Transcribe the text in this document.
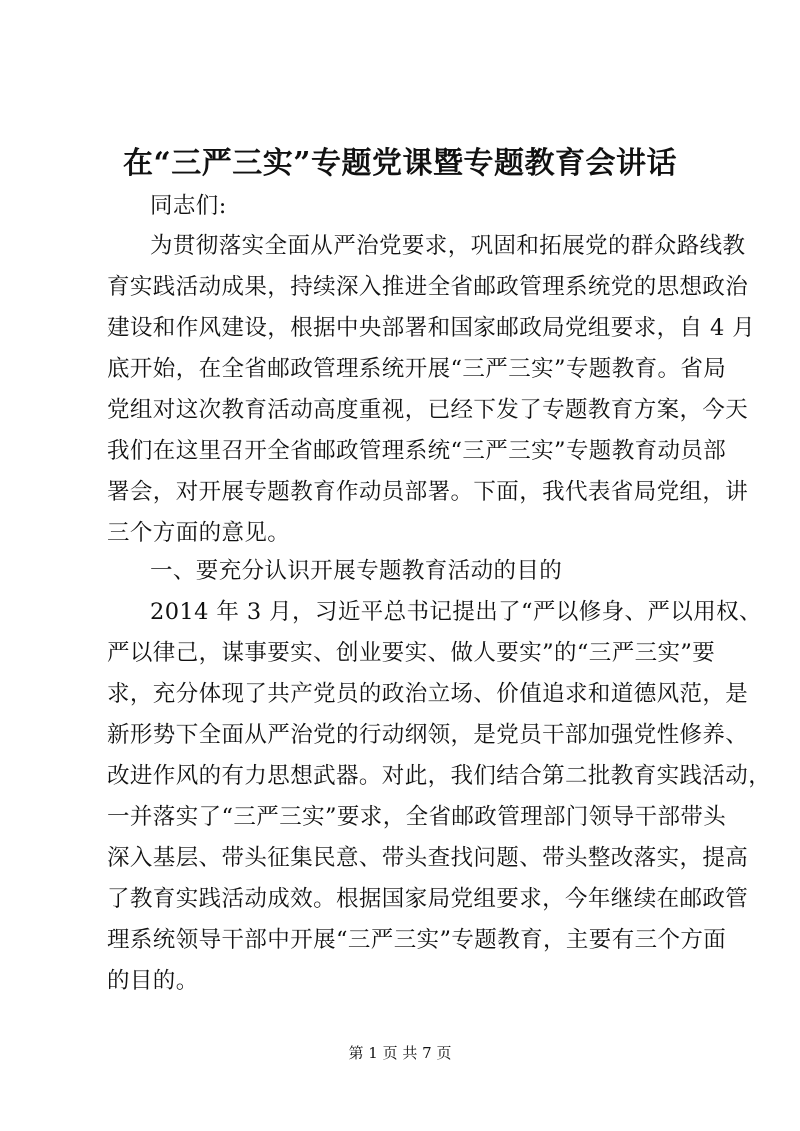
在“三严三实”专题党课暨专题教育会讲话
同志们:
为贯彻落实全面从严治党要求，巩固和拓展党的群众路线教
育实践活动成果，持续深入推进全省邮政管理系统党的思想政治
建设和作风建设，根据中央部署和国家邮政局党组要求，自 4 月
底开始，在全省邮政管理系统开展“三严三实”专题教育。省局
党组对这次教育活动高度重视，已经下发了专题教育方案，今天
我们在这里召开全省邮政管理系统“三严三实”专题教育动员部
署会，对开展专题教育作动员部署。下面，我代表省局党组，讲
三个方面的意见。
一、要充分认识开展专题教育活动的目的
2014 年 3 月，习近平总书记提出了“严以修身、严以用权、
严以律己，谋事要实、创业要实、做人要实”的“三严三实”要
求，充分体现了共产党员的政治立场、价值追求和道德风范，是
新形势下全面从严治党的行动纲领，是党员干部加强党性修养、
改进作风的有力思想武器。对此，我们结合第二批教育实践活动，
一并落实了“三严三实”要求，全省邮政管理部门领导干部带头
深入基层、带头征集民意、带头查找问题、带头整改落实，提高
了教育实践活动成效。根据国家局党组要求，今年继续在邮政管
理系统领导干部中开展“三严三实”专题教育，主要有三个方面
的目的。
第 1 页 共 7 页
